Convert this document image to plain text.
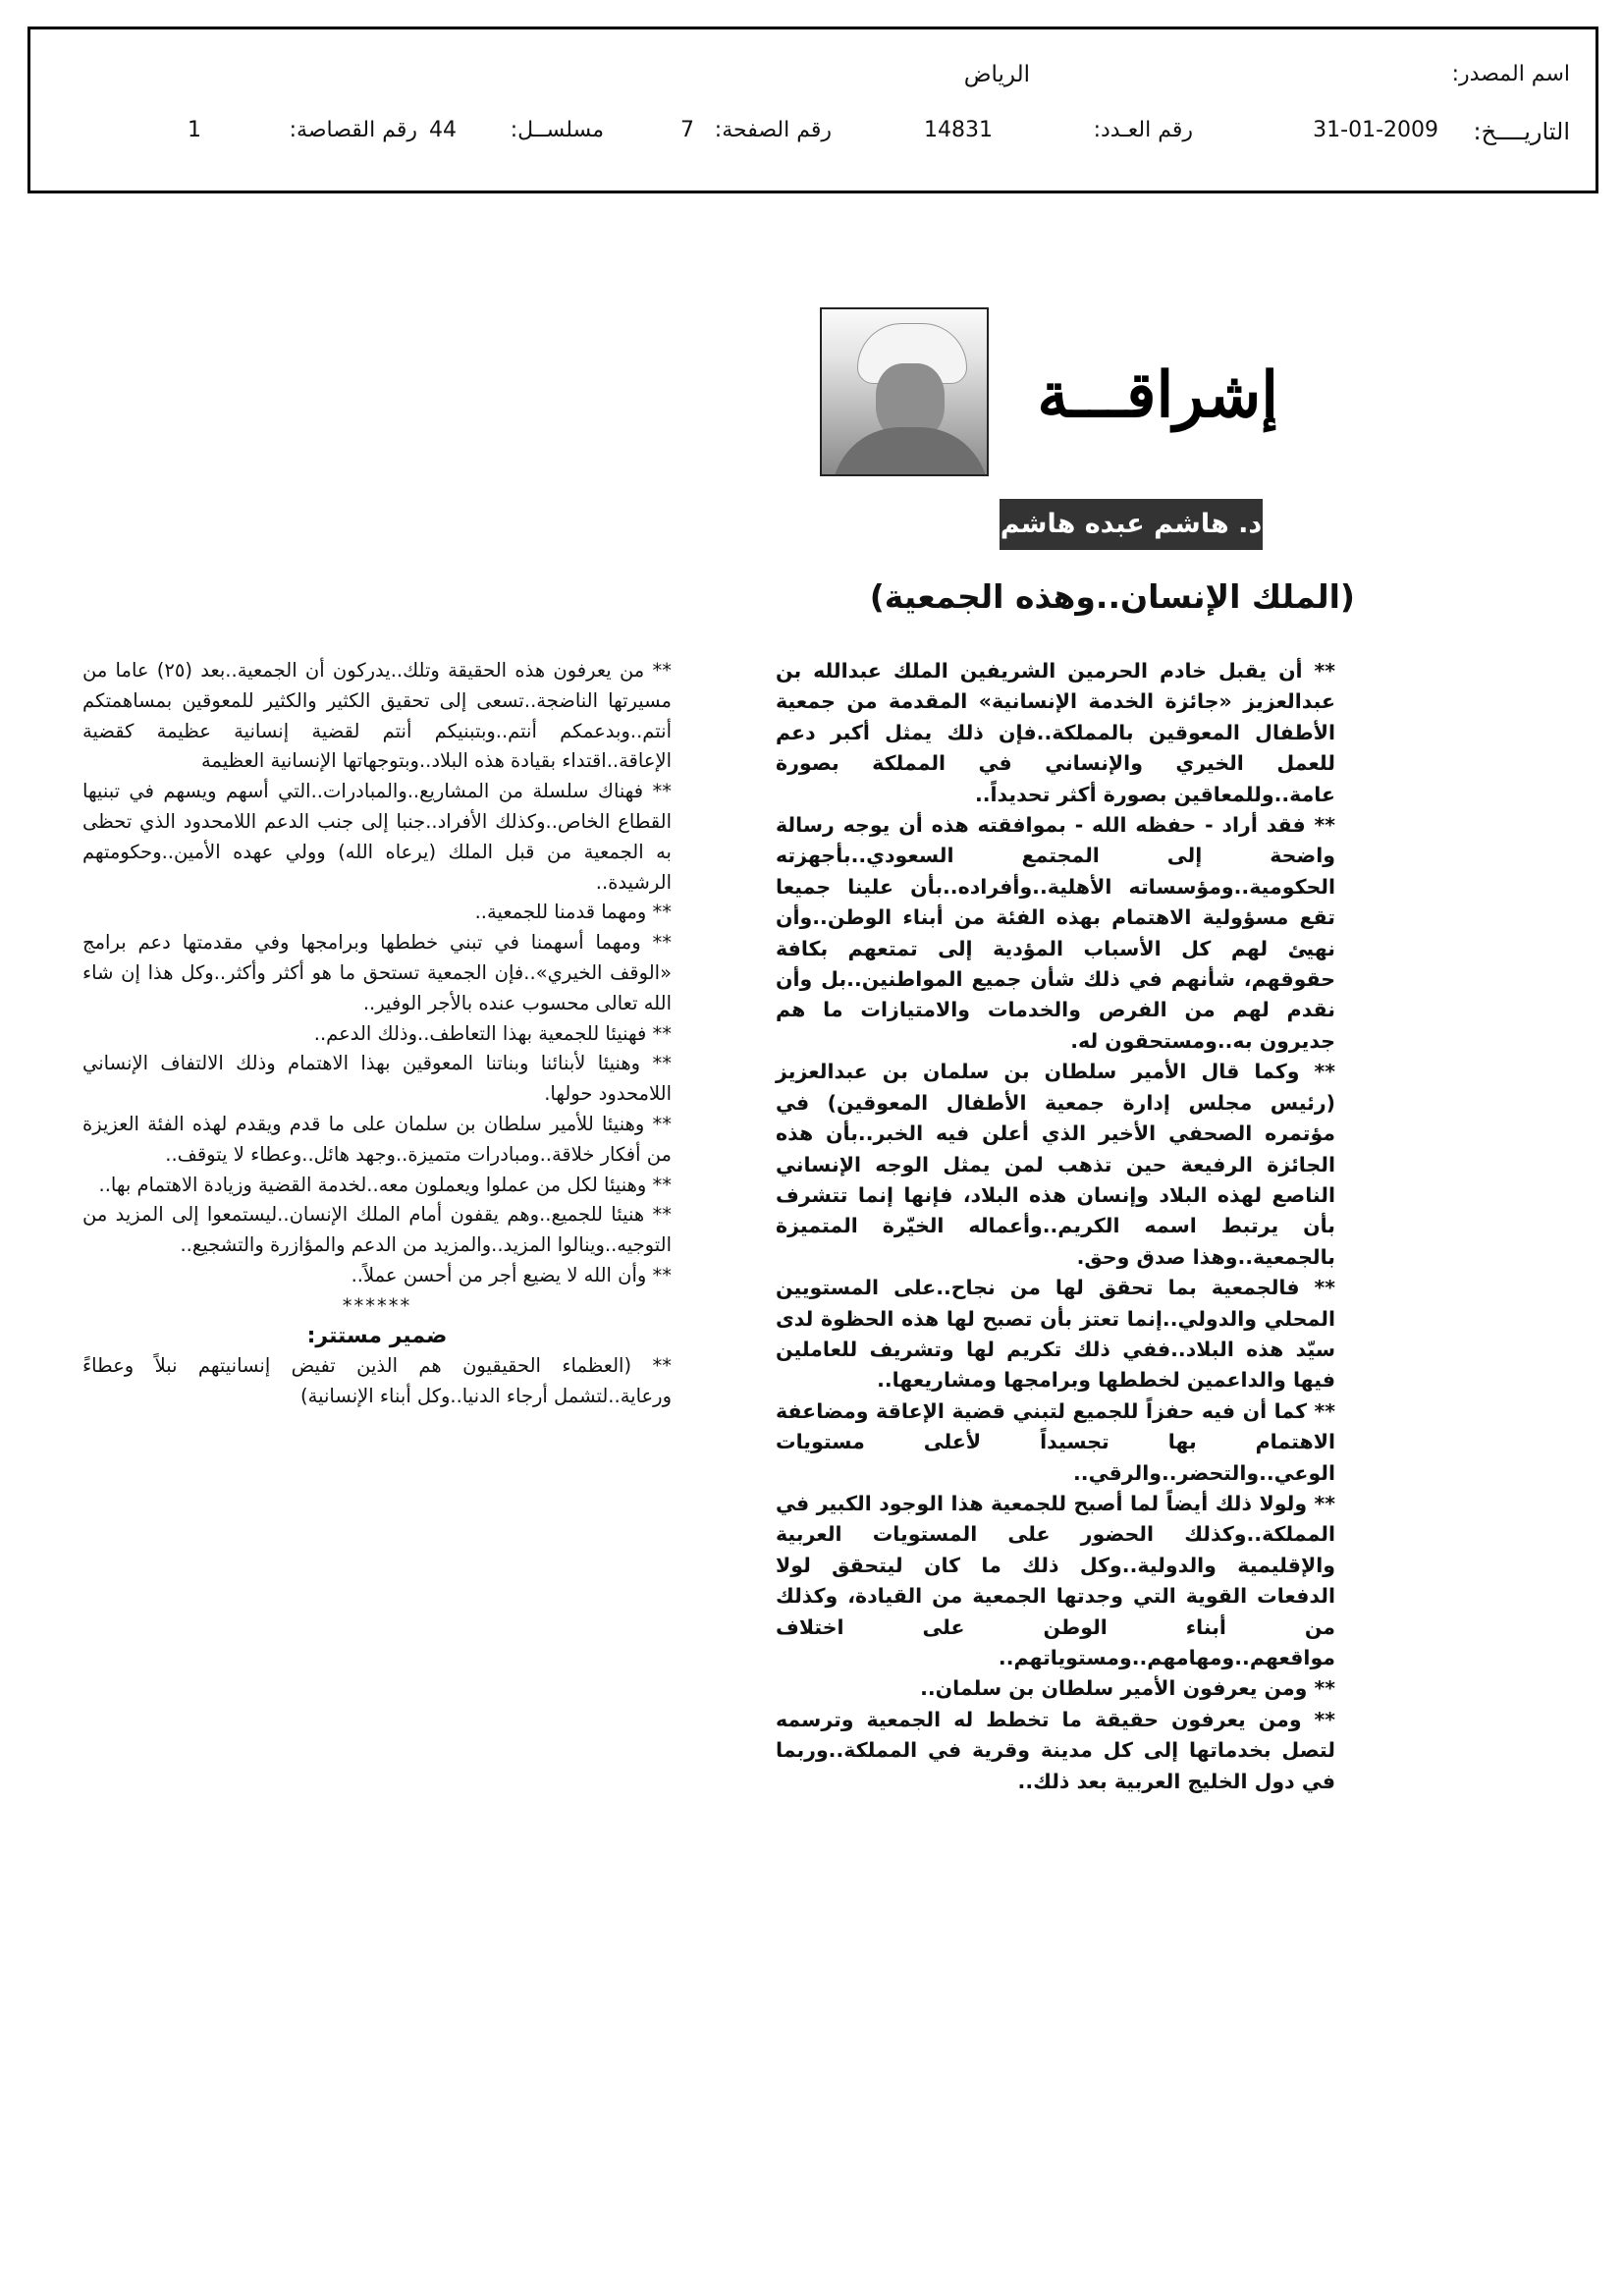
اسم المصدر:
الرياض
التاريــــخ:
31-01-2009
رقم العـدد:
14831
رقم الصفحة:
7
مسلســل:
44
رقم القصاصة:
1
إشراقـــة
د. هاشم عبده هاشم
(الملك الإنسان..وهذه الجمعية)

** أن يقبل خادم الحرمين الشريفين الملك عبدالله بن عبدالعزيز «جائزة الخدمة الإنسانية» المقدمة من جمعية الأطفال المعوقين بالمملكة..فإن ذلك يمثل أكبر دعم للعمل الخيري والإنساني في المملكة بصورة عامة..وللمعاقين بصورة أكثر تحديداً..

** فقد أراد - حفظه الله - بموافقته هذه أن يوجه رسالة واضحة إلى المجتمع السعودي..بأجهزته الحكومية..ومؤسساته الأهلية..وأفراده..بأن علينا جميعا تقع مسؤولية الاهتمام بهذه الفئة من أبناء الوطن..وأن نهيئ لهم كل الأسباب المؤدية إلى تمتعهم بكافة حقوقهم، شأنهم في ذلك شأن جميع المواطنين..بل وأن نقدم لهم من الفرص والخدمات والامتيازات ما هم جديرون به..ومستحقون له.

** وكما قال الأمير سلطان بن سلمان بن عبدالعزيز (رئيس مجلس إدارة جمعية الأطفال المعوقين) في مؤتمره الصحفي الأخير الذي أعلن فيه الخبر..بأن هذه الجائزة الرفيعة حين تذهب لمن يمثل الوجه الإنساني الناصع لهذه البلاد وإنسان هذه البلاد، فإنها إنما تتشرف بأن يرتبط اسمه الكريم..وأعماله الخيّرة المتميزة بالجمعية..وهذا صدق وحق.

** فالجمعية بما تحقق لها من نجاح..على المستويين المحلي والدولي..إنما تعتز بأن تصبح لها هذه الحظوة لدى سيّد هذه البلاد..ففي ذلك تكريم لها وتشريف للعاملين فيها والداعمين لخططها وبرامجها ومشاريعها..

** كما أن فيه حفزاً للجميع لتبني قضية الإعاقة ومضاعفة الاهتمام بها تجسيداً لأعلى مستويات الوعي..والتحضر..والرقي..

** ولولا ذلك أيضاً لما أصبح للجمعية هذا الوجود الكبير في المملكة..وكذلك الحضور على المستويات العربية والإقليمية والدولية..وكل ذلك ما كان ليتحقق لولا الدفعات القوية التي وجدتها الجمعية من القيادة، وكذلك من أبناء الوطن على اختلاف مواقعهم..ومهامهم..ومستوياتهم..

** ومن يعرفون الأمير سلطان بن سلمان..

** ومن يعرفون حقيقة ما تخطط له الجمعية وترسمه لتصل بخدماتها إلى كل مدينة وقرية في المملكة..وربما في دول الخليج العربية بعد ذلك..

** من يعرفون هذه الحقيقة وتلك..يدركون أن الجمعية..بعد (٢٥) عاما من مسيرتها الناضجة..تسعى إلى تحقيق الكثير والكثير للمعوقين بمساهمتكم أنتم..وبدعمكم أنتم..وبتبنيكم أنتم لقضية إنسانية عظيمة كقضية الإعاقة..اقتداء بقيادة هذه البلاد..وبتوجهاتها الإنسانية العظيمة

** فهناك سلسلة من المشاريع..والمبادرات..التي أسهم ويسهم في تبنيها القطاع الخاص..وكذلك الأفراد..جنبا إلى جنب الدعم اللامحدود الذي تحظى به الجمعية من قبل الملك (يرعاه الله) وولي عهده الأمين..وحكومتهم الرشيدة..

** ومهما قدمنا للجمعية..

** ومهما أسهمنا في تبني خططها وبرامجها وفي مقدمتها دعم برامج «الوقف الخيري»..فإن الجمعية تستحق ما هو أكثر وأكثر..وكل هذا إن شاء الله تعالى محسوب عنده بالأجر الوفير..

** فهنيئا للجمعية بهذا التعاطف..وذلك الدعم..

** وهنيئا لأبنائنا وبناتنا المعوقين بهذا الاهتمام وذلك الالتفاف الإنساني اللامحدود حولها.

** وهنيئا للأمير سلطان بن سلمان على ما قدم ويقدم لهذه الفئة العزيزة من أفكار خلاقة..ومبادرات متميزة..وجهد هائل..وعطاء لا يتوقف..

** وهنيئا لكل من عملوا ويعملون معه..لخدمة القضية وزيادة الاهتمام بها..

** هنيئا للجميع..وهم يقفون أمام الملك الإنسان..ليستمعوا إلى المزيد من التوجيه..وينالوا المزيد..والمزيد من الدعم والمؤازرة والتشجيع..

** وأن الله لا يضيع أجر من أحسن عملاً..

******

ضمير مستتر:

** (العظماء الحقيقيون هم الذين تفيض إنسانيتهم نبلاً وعطاءً ورعاية..لتشمل أرجاء الدنيا..وكل أبناء الإنسانية)
